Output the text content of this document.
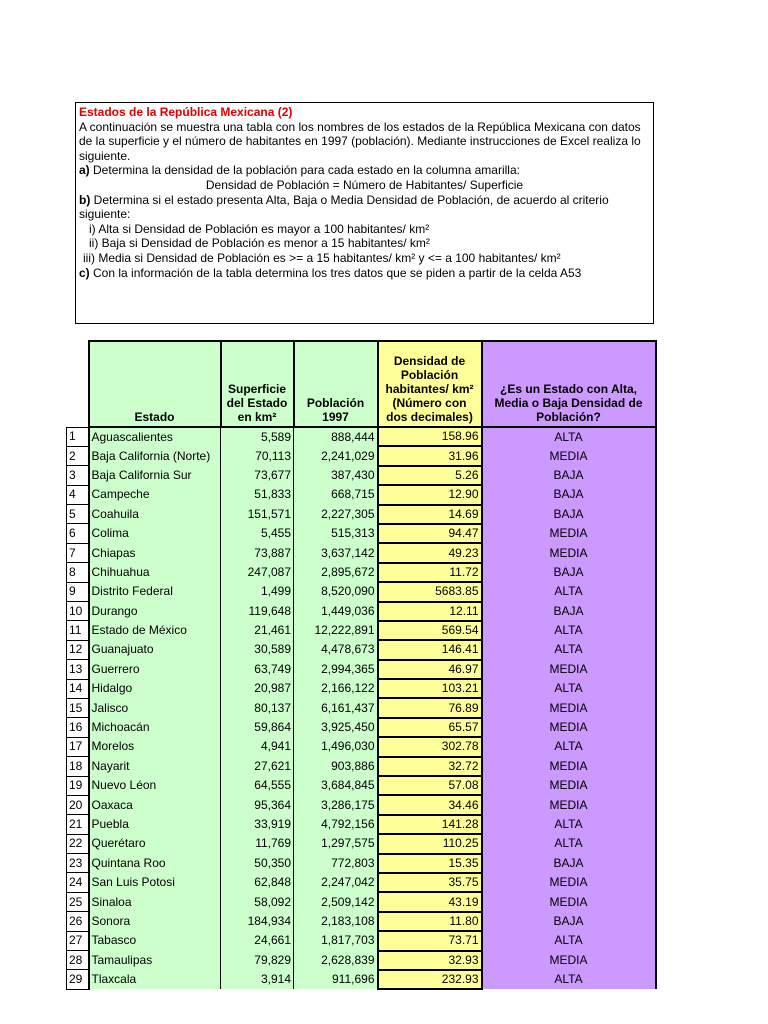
Estados de la República Mexicana (2)
A continuación se muestra una tabla con los nombres de los estados de la República Mexicana con datos de la superficie y el número de habitantes en 1997 (población). Mediante instrucciones de Excel realiza lo siguiente.
a) Determina la densidad de la población para cada estado en la columna amarilla:
Densidad de Población = Número de Habitantes/ Superficie
b) Determina si el estado presenta Alta, Baja o Media Densidad de Población, de acuerdo al criterio siguiente:
i) Alta si Densidad de Población es mayor a 100 habitantes/ km²
ii) Baja si Densidad de Población es menor a 15 habitantes/ km²
iii) Media si Densidad de Población es >= a 15 habitantes/ km² y <= a 100 habitantes/ km²
c) Con la información de la tabla determina los tres datos que se piden a partir de la celda A53
	Estado	Superficie del Estado en km²	Población 1997	Densidad de Población habitantes/ km² (Número con dos decimales)	¿Es un Estado con Alta, Media o Baja Densidad de Población?
1	Aguascalientes	5,589	888,444	158.96	ALTA
2	Baja California (Norte)	70,113	2,241,029	31.96	MEDIA
3	Baja California Sur	73,677	387,430	5.26	BAJA
4	Campeche	51,833	668,715	12.90	BAJA
5	Coahuila	151,571	2,227,305	14.69	BAJA
6	Colima	5,455	515,313	94.47	MEDIA
7	Chiapas	73,887	3,637,142	49.23	MEDIA
8	Chihuahua	247,087	2,895,672	11.72	BAJA
9	Distrito Federal	1,499	8,520,090	5683.85	ALTA
10	Durango	119,648	1,449,036	12.11	BAJA
11	Estado de México	21,461	12,222,891	569.54	ALTA
12	Guanajuato	30,589	4,478,673	146.41	ALTA
13	Guerrero	63,749	2,994,365	46.97	MEDIA
14	Hidalgo	20,987	2,166,122	103.21	ALTA
15	Jalisco	80,137	6,161,437	76.89	MEDIA
16	Michoacán	59,864	3,925,450	65.57	MEDIA
17	Morelos	4,941	1,496,030	302.78	ALTA
18	Nayarit	27,621	903,886	32.72	MEDIA
19	Nuevo Léon	64,555	3,684,845	57.08	MEDIA
20	Oaxaca	95,364	3,286,175	34.46	MEDIA
21	Puebla	33,919	4,792,156	141.28	ALTA
22	Querétaro	11,769	1,297,575	110.25	ALTA
23	Quintana Roo	50,350	772,803	15.35	BAJA
24	San Luis Potosi	62,848	2,247,042	35.75	MEDIA
25	Sinaloa	58,092	2,509,142	43.19	MEDIA
26	Sonora	184,934	2,183,108	11.80	BAJA
27	Tabasco	24,661	1,817,703	73.71	ALTA
28	Tamaulipas	79,829	2,628,839	32.93	MEDIA
29	Tlaxcala	3,914	911,696	232.93	ALTA
